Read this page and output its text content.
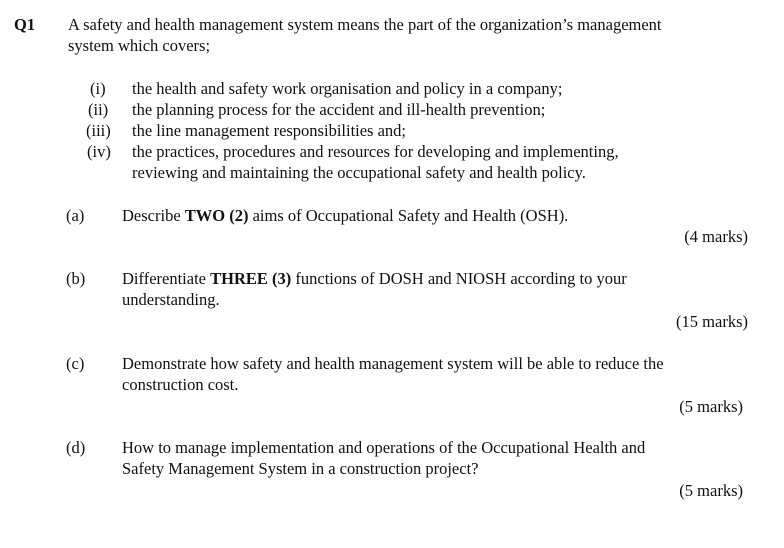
Q1 A safety and health management system means the part of the organization’s management
system which covers;
(i) the health and safety work organisation and policy in a company;
(ii) the planning process for the accident and ill-health prevention;
(iii) the line management responsibilities and;
(iv) the practices, procedures and resources for developing and implementing,
reviewing and maintaining the occupational safety and health policy.
(a) Describe TWO (2) aims of Occupational Safety and Health (OSH).
(4 marks)
(b) Differentiate THREE (3) functions of DOSH and NIOSH according to your
understanding.
(15 marks)
(c) Demonstrate how safety and health management system will be able to reduce the
construction cost.
(5 marks)
(d) How to manage implementation and operations of the Occupational Health and
Safety Management System in a construction project?
(5 marks)
